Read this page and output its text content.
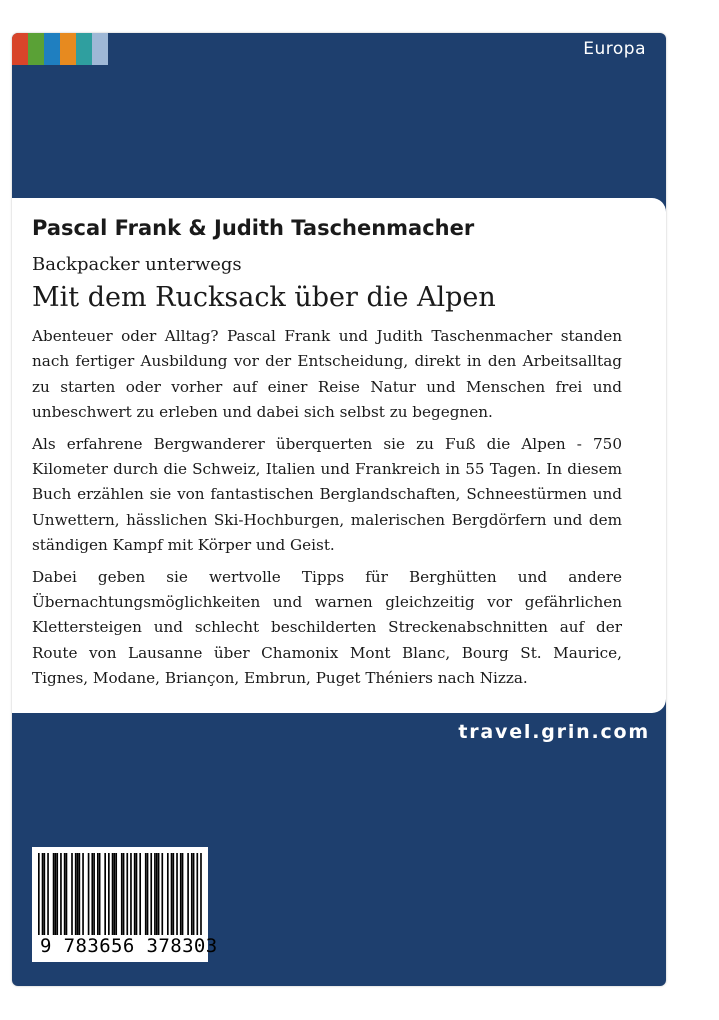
Europa
Pascal Frank & Judith Taschenmacher
Backpacker unterwegs
Mit dem Rucksack über die Alpen

Abenteuer oder Alltag? Pascal Frank und Judith Taschenmacher standen nach fertiger Ausbildung vor der Entscheidung, direkt in den Arbeitsalltag zu starten oder vorher auf einer Reise Natur und Menschen frei und unbeschwert zu erleben und dabei sich selbst zu begegnen.

Als erfahrene Bergwanderer überquerten sie zu Fuß die Alpen - 750 Kilometer durch die Schweiz, Italien und Frankreich in 55 Tagen. In diesem Buch erzählen sie von fantastischen Berglandschaften, Schneestürmen und Unwettern, hässlichen Ski-Hochburgen, malerischen Bergdörfern und dem ständigen Kampf mit Körper und Geist.

Dabei geben sie wertvolle Tipps für Berghütten und andere Übernachtungsmöglichkeiten und warnen gleichzeitig vor gefährlichen Klettersteigen und schlecht beschilderten Streckenabschnitten auf der Route von Lausanne über Chamonix Mont Blanc, Bourg St. Maurice, Tignes, Modane, Briançon, Embrun, Puget Théniers nach Nizza.

travel.grin.com
9 783656 378303
